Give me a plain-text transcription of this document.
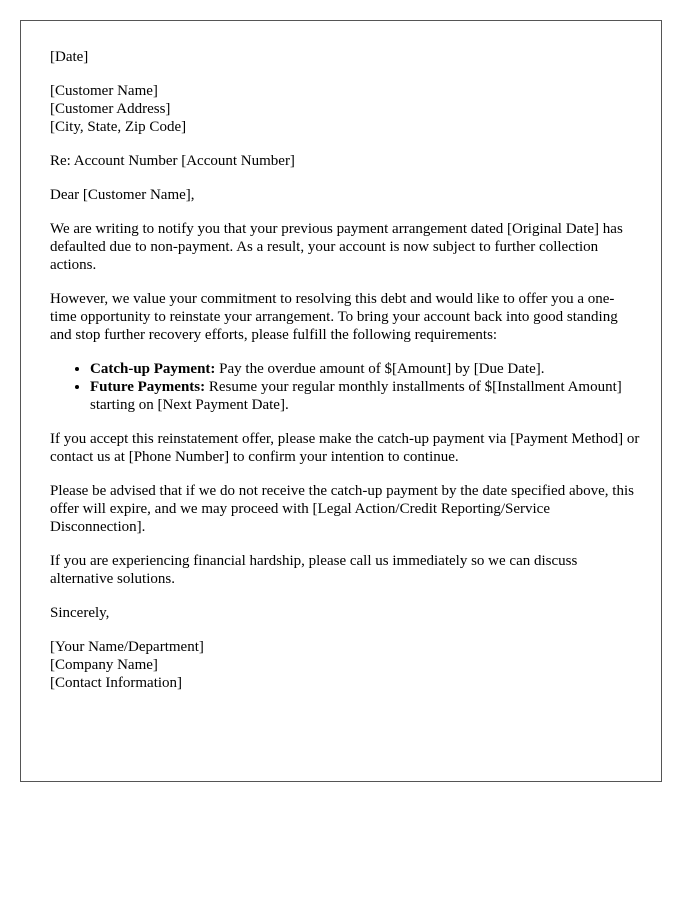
[Date]
[Customer Name]
[Customer Address]
[City, State, Zip Code]

Re: Account Number [Account Number]

Dear [Customer Name],

We are writing to notify you that your previous payment arrangement dated [Original Date] has defaulted due to non-payment. As a result, your account is now subject to further collection actions.

However, we value your commitment to resolving this debt and would like to offer you a one-time opportunity to reinstate your arrangement. To bring your account back into good standing and stop further recovery efforts, please fulfill the following requirements:

• Catch-up Payment: Pay the overdue amount of $[Amount] by [Due Date].
• Future Payments: Resume your regular monthly installments of $[Installment Amount] starting on [Next Payment Date].

If you accept this reinstatement offer, please make the catch-up payment via [Payment Method] or contact us at [Phone Number] to confirm your intention to continue.

Please be advised that if we do not receive the catch-up payment by the date specified above, this offer will expire, and we may proceed with [Legal Action/Credit Reporting/Service Disconnection].

If you are experiencing financial hardship, please call us immediately so we can discuss alternative solutions.

Sincerely,

[Your Name/Department]
[Company Name]
[Contact Information]
